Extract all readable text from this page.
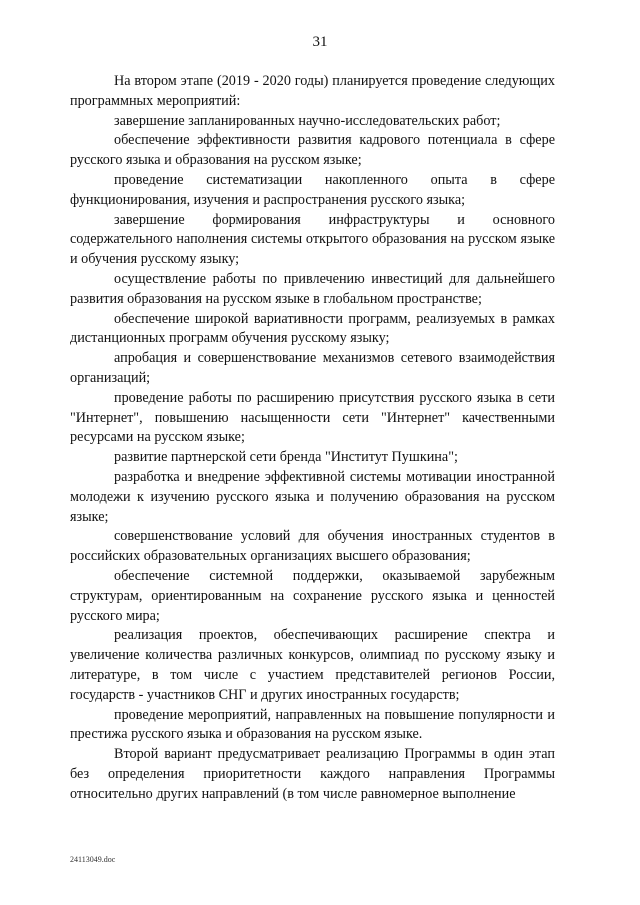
31

На втором этапе (2019 - 2020 годы) планируется проведение следующих программных мероприятий:

завершение запланированных научно-исследовательских работ;

обеспечение эффективности развития кадрового потенциала в сфере русского языка и образования на русском языке;

проведение систематизации накопленного опыта в сфере функционирования, изучения и распространения русского языка;

завершение формирования инфраструктуры и основного содержательного наполнения системы открытого образования на русском языке и обучения русскому языку;

осуществление работы по привлечению инвестиций для дальнейшего развития образования на русском языке в глобальном пространстве;

обеспечение широкой вариативности программ, реализуемых в рамках дистанционных программ обучения русскому языку;

апробация и совершенствование механизмов сетевого взаимодействия организаций;

проведение работы по расширению присутствия русского языка в сети "Интернет", повышению насыщенности сети "Интернет" качественными ресурсами на русском языке;

развитие партнерской сети бренда "Институт Пушкина";

разработка и внедрение эффективной системы мотивации иностранной молодежи к изучению русского языка и получению образования на русском языке;

совершенствование условий для обучения иностранных студентов в российских образовательных организациях высшего образования;

обеспечение системной поддержки, оказываемой зарубежным структурам, ориентированным на сохранение русского языка и ценностей русского мира;

реализация проектов, обеспечивающих расширение спектра и увеличение количества различных конкурсов, олимпиад по русскому языку и литературе, в том числе с участием представителей регионов России, государств - участников СНГ и других иностранных государств;

проведение мероприятий, направленных на повышение популярности и престижа русского языка и образования на русском языке.

Второй вариант предусматривает реализацию Программы в один этап без определения приоритетности каждого направления Программы относительно других направлений (в том числе равномерное выполнение

24113049.doc
